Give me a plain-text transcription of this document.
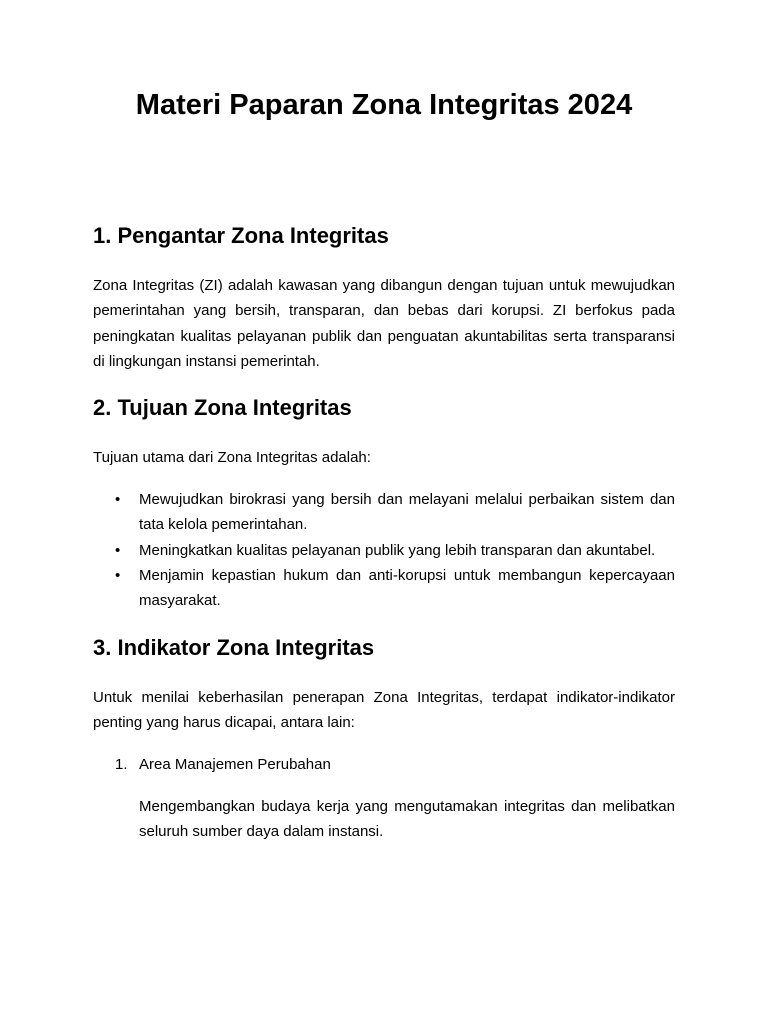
Materi Paparan Zona Integritas 2024
1. Pengantar Zona Integritas

Zona Integritas (ZI) adalah kawasan yang dibangun dengan tujuan untuk mewujudkan pemerintahan yang bersih, transparan, dan bebas dari korupsi. ZI berfokus pada peningkatan kualitas pelayanan publik dan penguatan akuntabilitas serta transparansi di lingkungan instansi pemerintah.

2. Tujuan Zona Integritas

Tujuan utama dari Zona Integritas adalah:

• Mewujudkan birokrasi yang bersih dan melayani melalui perbaikan sistem dan tata kelola pemerintahan.
• Meningkatkan kualitas pelayanan publik yang lebih transparan dan akuntabel.
• Menjamin kepastian hukum dan anti-korupsi untuk membangun kepercayaan masyarakat.
3. Indikator Zona Integritas

Untuk menilai keberhasilan penerapan Zona Integritas, terdapat indikator-indikator penting yang harus dicapai, antara lain:

1. Area Manajemen Perubahan

Mengembangkan budaya kerja yang mengutamakan integritas dan melibatkan seluruh sumber daya dalam instansi.
